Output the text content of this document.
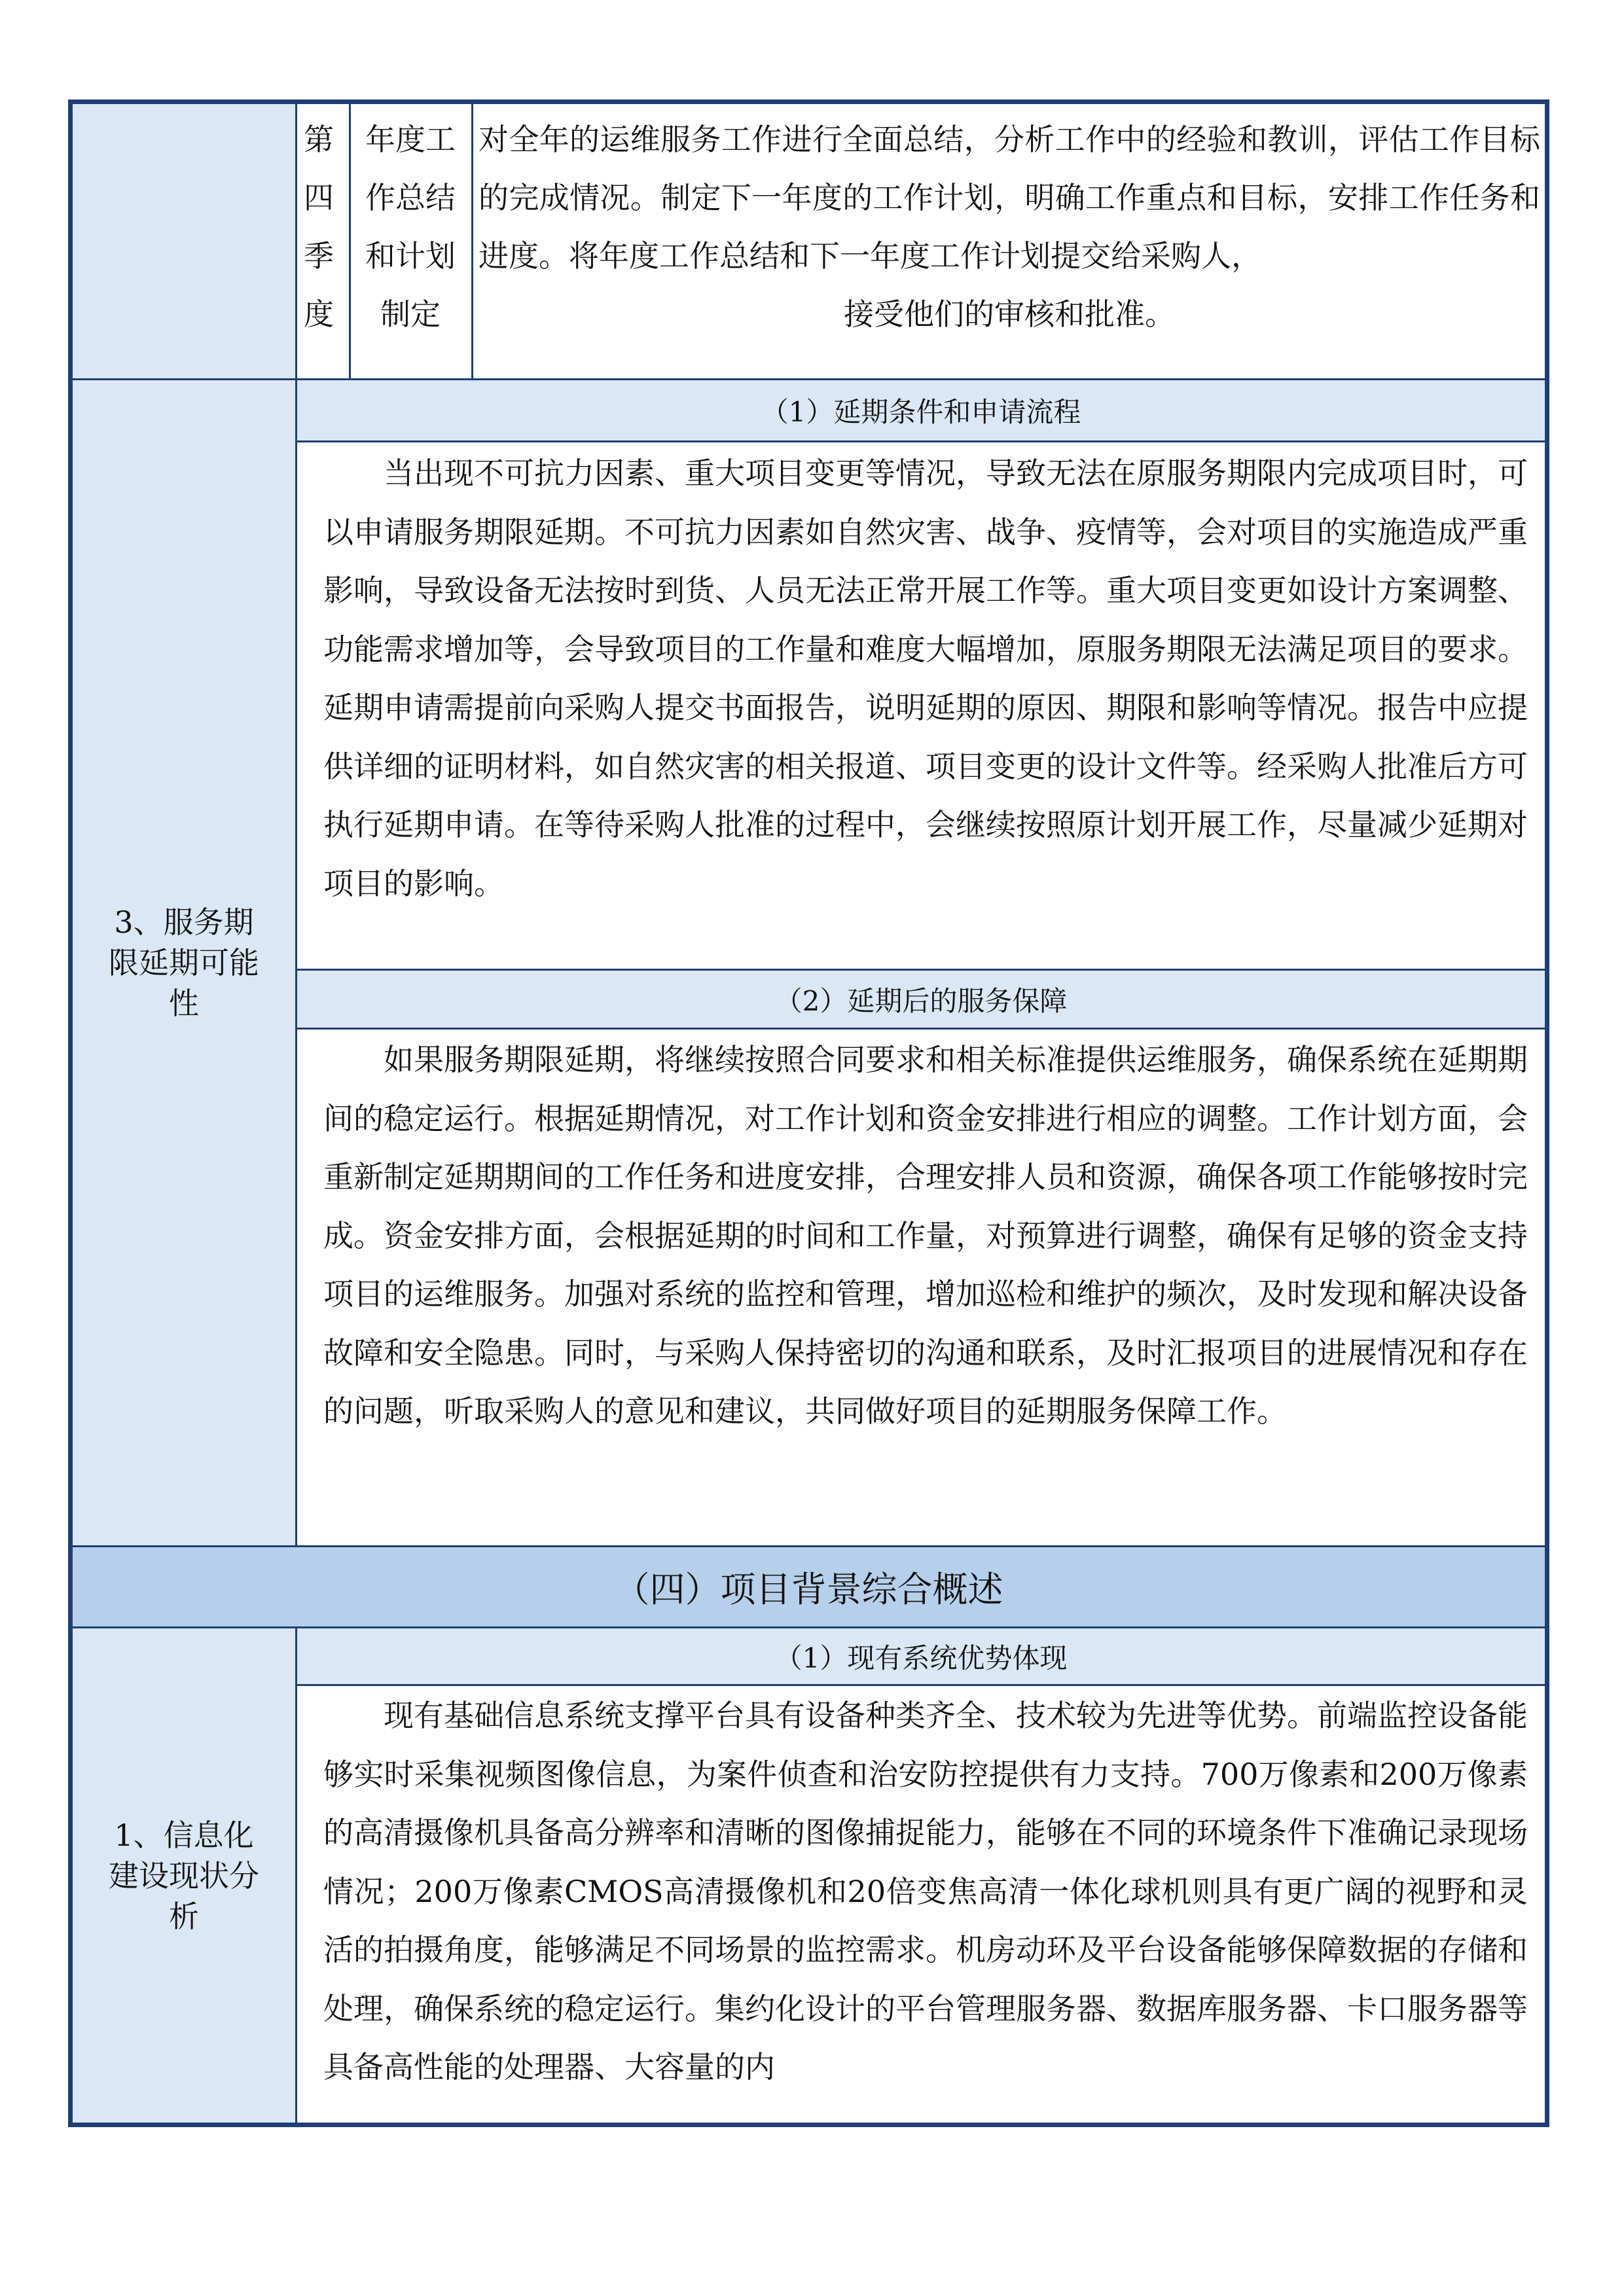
3、服务期限延期可能性
1、信息化建设现状分析
第四季度
年度工作总结和计划制定
对全年的运维服务工作进行全面总结，分析工作中的经验和教训，评估工作目标的完成情况。制定下一年度的工作计划，明确工作重点和目标，安排工作任务和进度。将年度工作总结和下一年度工作计划提交给采购人，
接受他们的审核和批准。
（1）延期条件和申请流程
当出现不可抗力因素、重大项目变更等情况，导致无法在原服务期限内完成项目时，可以申请服务期限延期。不可抗力因素如自然灾害、战争、疫情等，会对项目的实施造成严重影响，导致设备无法按时到货、人员无法正常开展工作等。重大项目变更如设计方案调整、功能需求增加等，会导致项目的工作量和难度大幅增加，原服务期限无法满足项目的要求。延期申请需提前向采购人提交书面报告，说明延期的原因、期限和影响等情况。报告中应提供详细的证明材料，如自然灾害的相关报道、项目变更的设计文件等。经采购人批准后方可执行延期申请。在等待采购人批准的过程中，会继续按照原计划开展工作，尽量减少延期对项目的影响。
（2）延期后的服务保障
如果服务期限延期，将继续按照合同要求和相关标准提供运维服务，确保系统在延期期间的稳定运行。根据延期情况，对工作计划和资金安排进行相应的调整。工作计划方面，会重新制定延期期间的工作任务和进度安排，合理安排人员和资源，确保各项工作能够按时完成。资金安排方面，会根据延期的时间和工作量，对预算进行调整，确保有足够的资金支持项目的运维服务。加强对系统的监控和管理，增加巡检和维护的频次，及时发现和解决设备故障和安全隐患。同时，与采购人保持密切的沟通和联系，及时汇报项目的进展情况和存在的问题，听取采购人的意见和建议，共同做好项目的延期服务保障工作。
（四）项目背景综合概述
（1）现有系统优势体现
现有基础信息系统支撑平台具有设备种类齐全、技术较为先进等优势。前端监控设备能够实时采集视频图像信息，为案件侦查和治安防控提供有力支持。700万像素和200万像素的高清摄像机具备高分辨率和清晰的图像捕捉能力，能够在不同的环境条件下准确记录现场情况；200万像素CMOS高清摄像机和20倍变焦高清一体化球机则具有更广阔的视野和灵活的拍摄角度，能够满足不同场景的监控需求。机房动环及平台设备能够保障数据的存储和处理，确保系统的稳定运行。集约化设计的平台管理服务器、数据库服务器、卡口服务器等具备高性能的处理器、大容量的内
